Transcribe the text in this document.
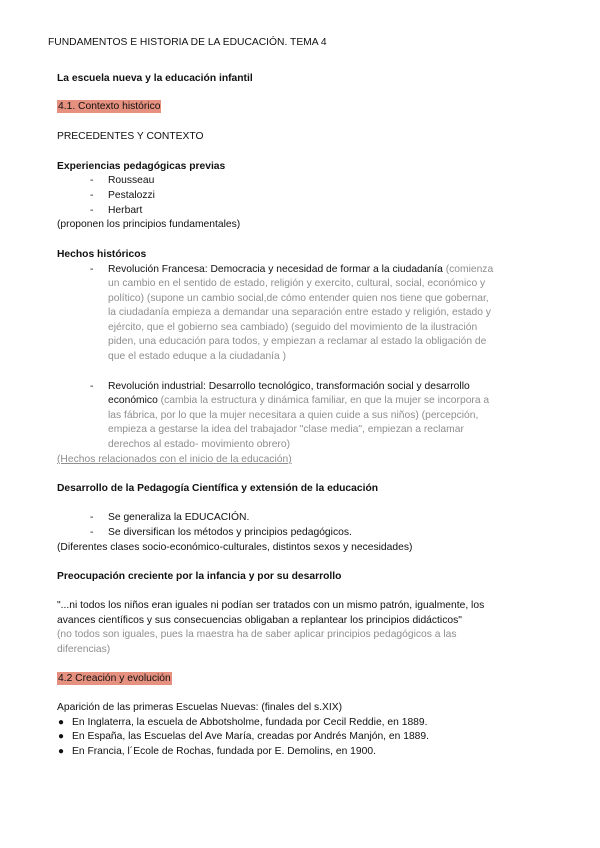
FUNDAMENTOS E HISTORIA DE LA EDUCACIÓN. TEMA 4
La escuela nueva y la educación infantil
4.1. Contexto histórico
PRECEDENTES Y CONTEXTO
Experiencias pedagógicas previas
- Rousseau
- Pestalozzi
- Herbart
(proponen los principios fundamentales)
Hechos históricos
- Revolución Francesa: Democracia y necesidad de formar a la ciudadanía (comienza
un cambio en el sentido de estado, religión y exercito, cultural, social, económico y
político) (supone un cambio social,de cómo entender quien nos tiene que gobernar,
la ciudadanía empieza a demandar una separación entre estado y religión, estado y
ejército, que el gobierno sea cambiado) (seguido del movimiento de la ilustración
piden, una educación para todos, y empiezan a reclamar al estado la obligación de
que el estado eduque a la ciudadanía )
- Revolución industrial: Desarrollo tecnológico, transformación social y desarrollo
económico (cambia la estructura y dinámica familiar, en que la mujer se incorpora a
las fábrica, por lo que la mujer necesitara a quien cuide a sus niños) (percepción,
empieza a gestarse la idea del trabajador "clase media", empiezan a reclamar
derechos al estado- movimiento obrero)
(Hechos relacionados con el inicio de la educación)
Desarrollo de la Pedagogía Científica y extensión de la educación
- Se generaliza la EDUCACIÓN.
- Se diversifican los métodos y principios pedagógicos.
(Diferentes clases socio-económico-culturales, distintos sexos y necesidades)
Preocupación creciente por la infancia y por su desarrollo
"...ni todos los niños eran iguales ni podían ser tratados con un mismo patrón, igualmente, los
avances científicos y sus consecuencias obligaban a replantear los principios didácticos"
(no todos son iguales, pues la maestra ha de saber aplicar principios pedagógicos a las
diferencias)
4.2 Creación y evolución
Aparición de las primeras Escuelas Nuevas: (finales del s.XIX)
● En Inglaterra, la escuela de Abbotsholme, fundada por Cecil Reddie, en 1889.
● En España, las Escuelas del Ave María, creadas por Andrés Manjón, en 1889.
● En Francia, l´Ecole de Rochas, fundada por E. Demolins, en 1900.
